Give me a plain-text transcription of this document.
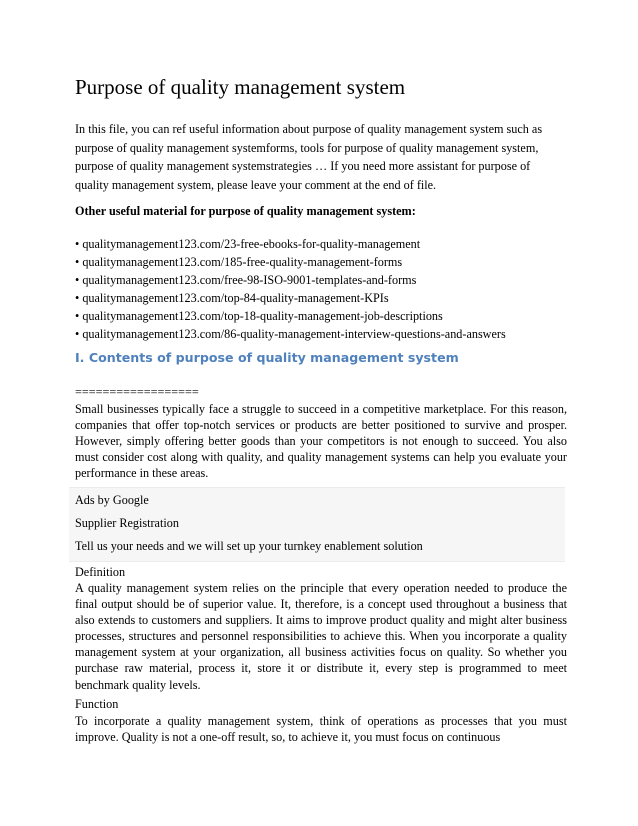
Purpose of quality management system

In this file, you can ref useful information about purpose of quality management system such as purpose of quality management systemforms, tools for purpose of quality management system, purpose of quality management systemstrategies … If you need more assistant for purpose of quality management system, please leave your comment at the end of file.

Other useful material for purpose of quality management system:

• qualitymanagement123.com/23-free-ebooks-for-quality-management
• qualitymanagement123.com/185-free-quality-management-forms
• qualitymanagement123.com/free-98-ISO-9001-templates-and-forms
• qualitymanagement123.com/top-84-quality-management-KPIs
• qualitymanagement123.com/top-18-quality-management-job-descriptions
• qualitymanagement123.com/86-quality-management-interview-questions-and-answers
I. Contents of purpose of quality management system

==================

Small businesses typically face a struggle to succeed in a competitive marketplace. For this reason, companies that offer top-notch services or products are better positioned to survive and prosper. However, simply offering better goods than your competitors is not enough to succeed. You also must consider cost along with quality, and quality management systems can help you evaluate your performance in these areas.

Ads by Google
Supplier Registration
Tell us your needs and we will set up your turnkey enablement solution

Definition

A quality management system relies on the principle that every operation needed to produce the final output should be of superior value. It, therefore, is a concept used throughout a business that also extends to customers and suppliers. It aims to improve product quality and might alter business processes, structures and personnel responsibilities to achieve this. When you incorporate a quality management system at your organization, all business activities focus on quality. So whether you purchase raw material, process it, store it or distribute it, every step is programmed to meet benchmark quality levels.

Function

To incorporate a quality management system, think of operations as processes that you must improve. Quality is not a one-off result, so, to achieve it, you must focus on continuous
